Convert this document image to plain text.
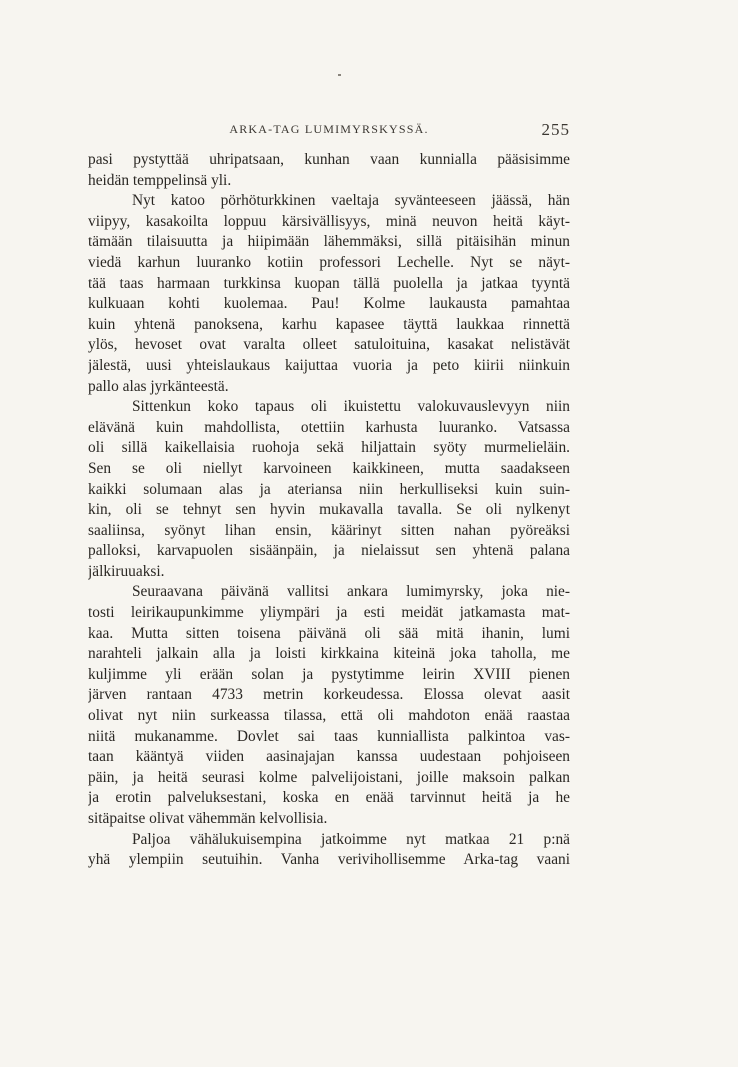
ARKA-TAG LUMIMYRSKYSSÄ.	255
pasi pystyttää uhripatsaan, kunhan vaan kunnialla pääsisimme
heidän temppelinsä yli.
Nyt katoo pörhöturkkinen vaeltaja syvänteeseen jäässä, hän
viipyy, kasakoilta loppuu kärsivällisyys, minä neuvon heitä käyt-
tämään tilaisuutta ja hiipimään lähemmäksi, sillä pitäisihän minun
viedä karhun luuranko kotiin professori Lechelle. Nyt se näyt-
tää taas harmaan turkkinsa kuopan tällä puolella ja jatkaa tyyntä
kulkuaan kohti kuolemaa. Pau! Kolme laukausta pamahtaa
kuin yhtenä panoksena, karhu kapasee täyttä laukkaa rinnettä
ylös, hevoset ovat varalta olleet satuloituina, kasakat nelistävät
jälestä, uusi yhteislaukaus kaijuttaa vuoria ja peto kiirii niinkuin
pallo alas jyrkänteestä.
Sittenkun koko tapaus oli ikuistettu valokuvauslevyyn niin
elävänä kuin mahdollista, otettiin karhusta luuranko. Vatsassa
oli sillä kaikellaisia ruohoja sekä hiljattain syöty murmelieläin.
Sen se oli niellyt karvoineen kaikkineen, mutta saadakseen
kaikki solumaan alas ja ateriansa niin herkulliseksi kuin suin-
kin, oli se tehnyt sen hyvin mukavalla tavalla. Se oli nylkenyt
saaliinsa, syönyt lihan ensin, käärinyt sitten nahan pyöreäksi
palloksi, karvapuolen sisäänpäin, ja nielaissut sen yhtenä palana
jälkiruuaksi.
Seuraavana päivänä vallitsi ankara lumimyrsky, joka nie-
tosti leirikaupunkimme yliympäri ja esti meidät jatkamasta mat-
kaa. Mutta sitten toisena päivänä oli sää mitä ihanin, lumi
narahteli jalkain alla ja loisti kirkkaina kiteinä joka taholla, me
kuljimme yli erään solan ja pystytimme leirin XVIII pienen
järven rantaan 4733 metrin korkeudessa. Elossa olevat aasit
olivat nyt niin surkeassa tilassa, että oli mahdoton enää raastaa
niitä mukanamme. Dovlet sai taas kunniallista palkintoa vas-
taan kääntyä viiden aasinajajan kanssa uudestaan pohjoiseen
päin, ja heitä seurasi kolme palvelijoistani, joille maksoin palkan
ja erotin palveluksestani, koska en enää tarvinnut heitä ja he
sitäpaitse olivat vähemmän kelvollisia.
Paljoa vähälukuisempina jatkoimme nyt matkaa 21 p:nä
yhä ylempiin seutuihin. Vanha verivihollisemme Arka-tag vaani
